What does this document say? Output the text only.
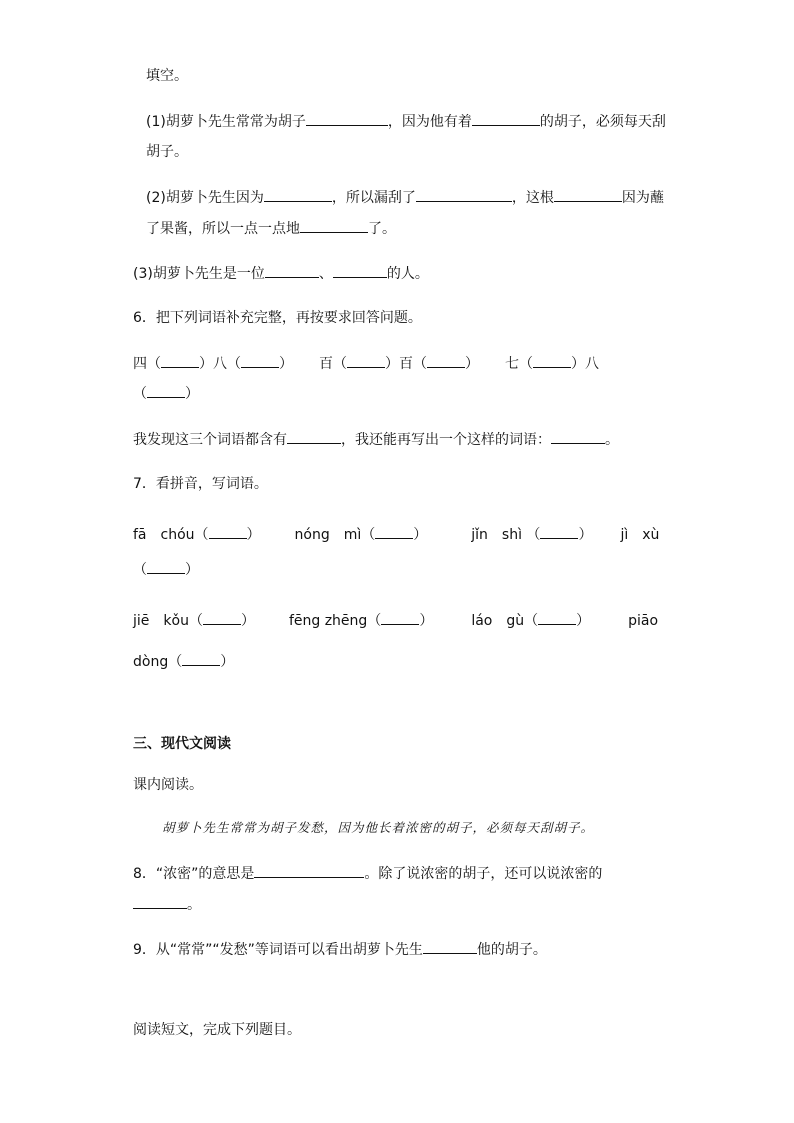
填空。
(1)胡萝卜先生常常为胡子	，因为他有着	的胡子，必须每天刮
胡子。
(2)胡萝卜先生因为	，所以漏刮了	，这根	因为蘸
了果酱，所以一点一点地	了。
(3)胡萝卜先生是一位	、	的人。
6．把下列词语补充完整，再按要求回答问题。
四（	）八（	） 百（	）百（	） 七（	）八
（	）
我发现这三个词语都含有	，我还能再写出一个这样的词语：	。
7．看拼音，写词语。
fā　chóu（	） nóng　mì（	）	jǐn　shì （	） jì　xù
（	）
jiē　kǒu（	） fēng zhēng（	）	láo　gù（	）	piāo
dòng（	）
三、现代文阅读
课内阅读。
胡萝卜先生常常为胡子发愁，因为他长着浓密的胡子，必须每天刮胡子。
8．“浓密”的意思是	。除了说浓密的胡子，还可以说浓密的
。
9．从“常常”“发愁”等词语可以看出胡萝卜先生	他的胡子。
阅读短文，完成下列题目。
